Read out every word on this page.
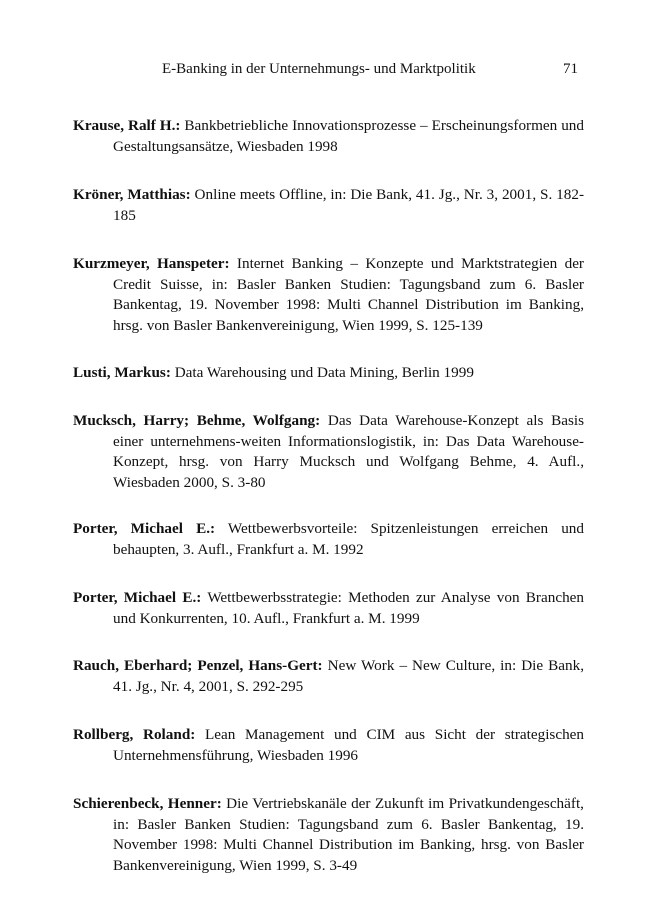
E-Banking in der Unternehmungs- und Marktpolitik	71
Krause, Ralf H.: Bankbetriebliche Innovationsprozesse – Erscheinungsformen und Gestaltungsansätze, Wiesbaden 1998
Kröner, Matthias: Online meets Offline, in: Die Bank, 41. Jg., Nr. 3, 2001, S. 182-185
Kurzmeyer, Hanspeter: Internet Banking – Konzepte und Marktstrategien der Credit Suisse, in: Basler Banken Studien: Tagungsband zum 6. Basler Bankentag, 19. November 1998: Multi Channel Distribution im Banking, hrsg. von Basler Bankenvereinigung, Wien 1999, S. 125-139
Lusti, Markus: Data Warehousing und Data Mining, Berlin 1999
Mucksch, Harry; Behme, Wolfgang: Das Data Warehouse-Konzept als Basis einer unternehmens-weiten Informationslogistik, in: Das Data Warehouse-Konzept, hrsg. von Harry Mucksch und Wolfgang Behme, 4. Aufl., Wiesbaden 2000, S. 3-80
Porter, Michael E.: Wettbewerbsvorteile: Spitzenleistungen erreichen und behaupten, 3. Aufl., Frankfurt a. M. 1992
Porter, Michael E.: Wettbewerbsstrategie: Methoden zur Analyse von Branchen und Konkurrenten, 10. Aufl., Frankfurt a. M. 1999
Rauch, Eberhard; Penzel, Hans-Gert: New Work – New Culture, in: Die Bank, 41. Jg., Nr. 4, 2001, S. 292-295
Rollberg, Roland: Lean Management und CIM aus Sicht der strategischen Unternehmensführung, Wiesbaden 1996
Schierenbeck, Henner: Die Vertriebskanäle der Zukunft im Privatkundengeschäft, in: Basler Banken Studien: Tagungsband zum 6. Basler Bankentag, 19. November 1998: Multi Channel Distribution im Banking, hrsg. von Basler Bankenvereinigung, Wien 1999, S. 3-49
